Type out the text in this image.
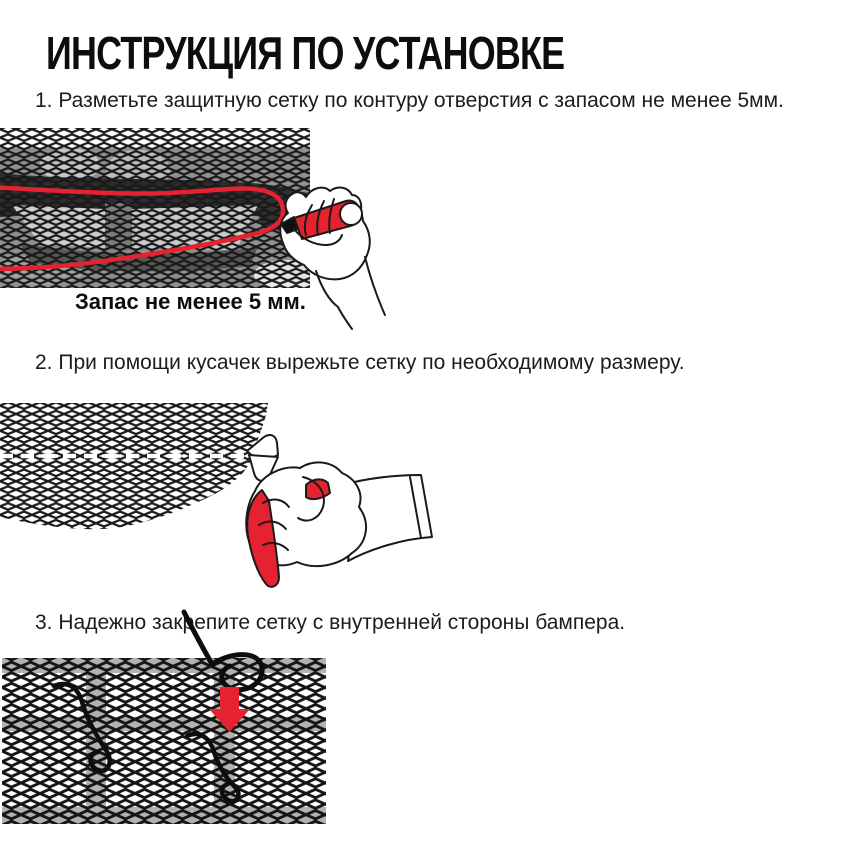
ИНСТРУКЦИЯ ПО УСТАНОВКЕ

1. Разметьте защитную сетку по контуру отверстия с запасом не менее 5мм.

Запас не менее 5 мм.

2. При помощи кусачек вырежьте сетку по необходимому размеру.

3. Надежно закрепите сетку с внутренней стороны бампера.
